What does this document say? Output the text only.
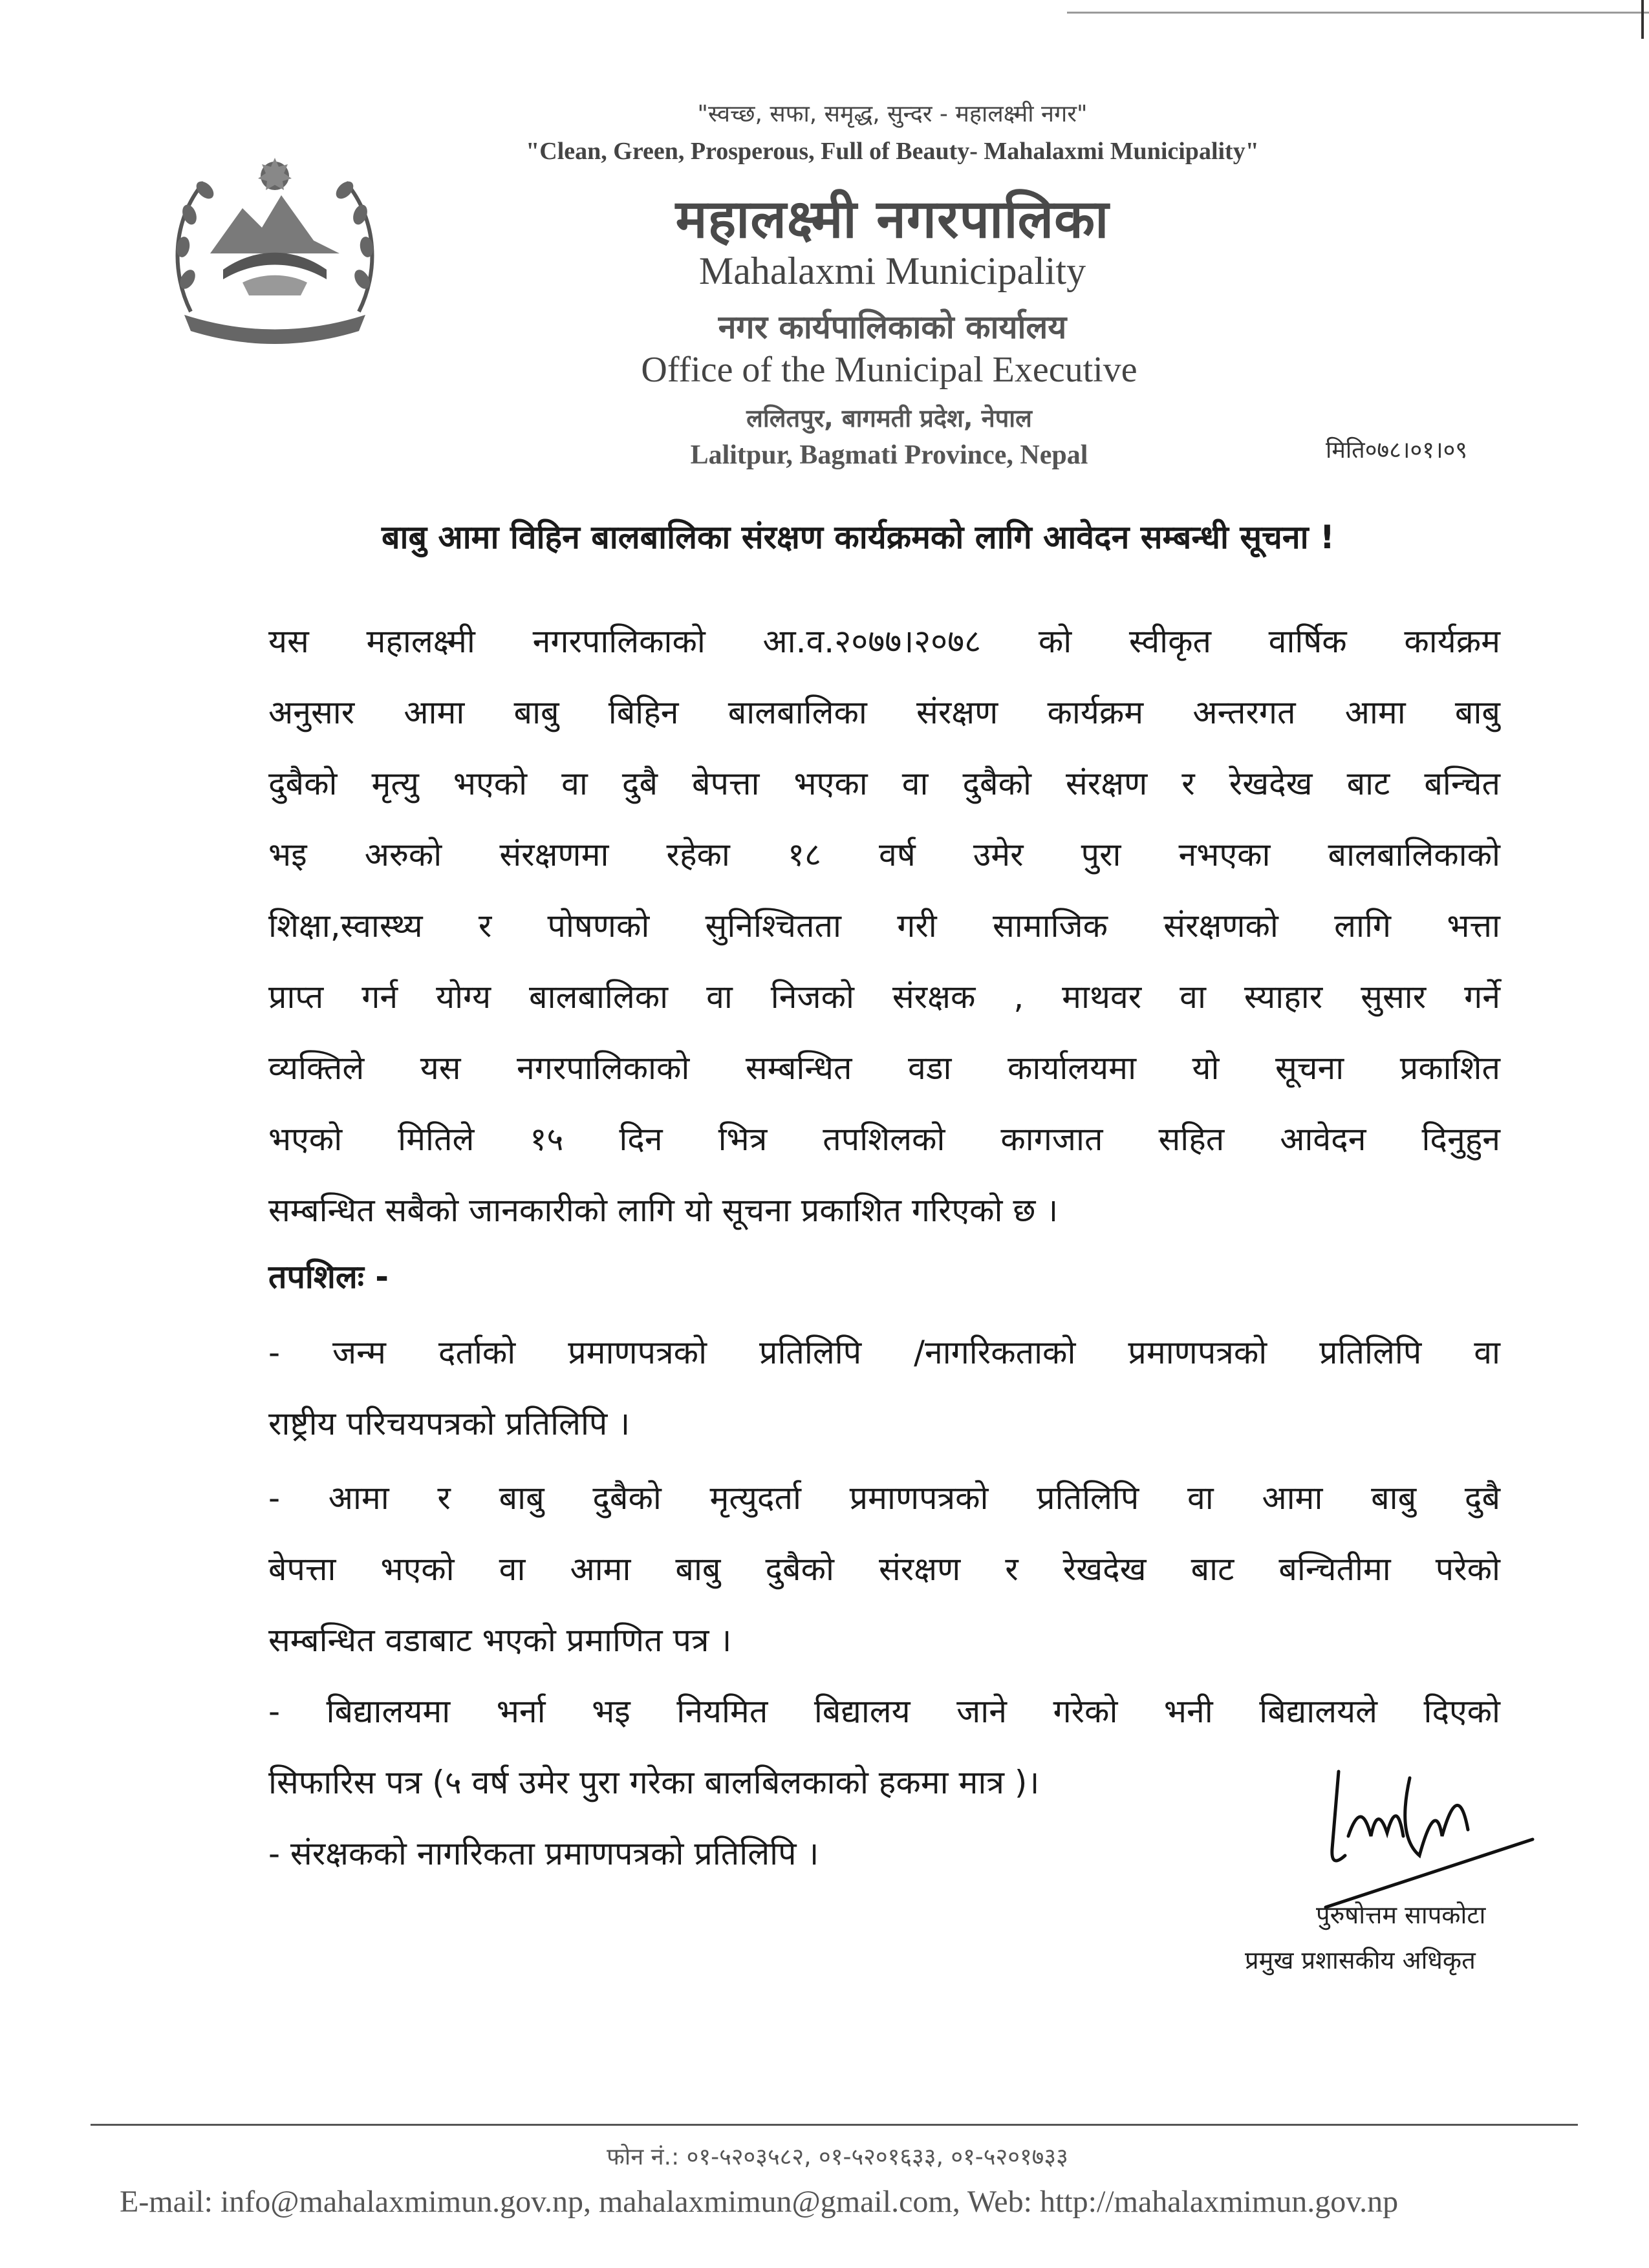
"स्वच्छ, सफा, समृद्ध, सुन्दर - महालक्ष्मी नगर"
"Clean, Green, Prosperous, Full of Beauty- Mahalaxmi Municipality"
महालक्ष्मी नगरपालिका
Mahalaxmi Municipality
नगर कार्यपालिकाको कार्यालय
Office of the Municipal Executive
ललितपुर, बागमती प्रदेश, नेपाल
Lalitpur, Bagmati Province, Nepal	मिति०७८।०१।०९
बाबु आमा विहिन बालबालिका संरक्षण कार्यक्रमको लागि आवेदन सम्बन्धी सूचना !
यस महालक्ष्मी नगरपालिकाको आ.व.२०७७।२०७८ को स्वीकृत वार्षिक कार्यक्रम
अनुसार आमा बाबु बिहिन बालबालिका संरक्षण कार्यक्रम अन्तरगत आमा बाबु
दुबैको मृत्यु भएको वा दुबै बेपत्ता भएका वा दुबैको संरक्षण र रेखदेख बाट बन्चित
भइ अरुको संरक्षणमा रहेका १८ वर्ष उमेर पुरा नभएका बालबालिकाको
शिक्षा,स्वास्थ्य र पोषणको सुनिश्चितता गरी सामाजिक संरक्षणको लागि भत्ता
प्राप्त गर्न योग्य बालबालिका वा निजको संरक्षक , माथवर वा स्याहार सुसार गर्ने
व्यक्तिले यस नगरपालिकाको सम्बन्धित वडा कार्यालयमा यो सूचना प्रकाशित
भएको मितिले १५ दिन भित्र तपशिलको कागजात सहित आवेदन दिनुहुन
सम्बन्धित सबैको जानकारीको लागि यो सूचना प्रकाशित गरिएको छ ।
तपशिलः -
- जन्म दर्ताको प्रमाणपत्रको प्रतिलिपि /नागरिकताको प्रमाणपत्रको प्रतिलिपि वा
राष्ट्रीय परिचयपत्रको प्रतिलिपि ।
- आमा र बाबु दुबैको मृत्युदर्ता प्रमाणपत्रको प्रतिलिपि वा आमा बाबु दुबै
बेपत्ता भएको वा आमा बाबु दुबैको संरक्षण र रेखदेख बाट बन्चितीमा परेको
सम्बन्धित वडाबाट भएको प्रमाणित पत्र ।
- बिद्यालयमा भर्ना भइ नियमित बिद्यालय जाने गरेको भनी बिद्यालयले दिएको
सिफारिस पत्र (५ वर्ष उमेर पुरा गरेका बालबिलकाको हकमा मात्र )।
- संरक्षकको नागरिकता प्रमाणपत्रको प्रतिलिपि ।
पुरुषोत्तम सापकोटा
प्रमुख प्रशासकीय अधिकृत
फोन नं.: ०१-५२०३५८२, ०१-५२०१६३३, ०१-५२०१७३३
E-mail: info@mahalaxmimun.gov.np, mahalaxmimun@gmail.com, Web: http://mahalaxmimun.gov.np
